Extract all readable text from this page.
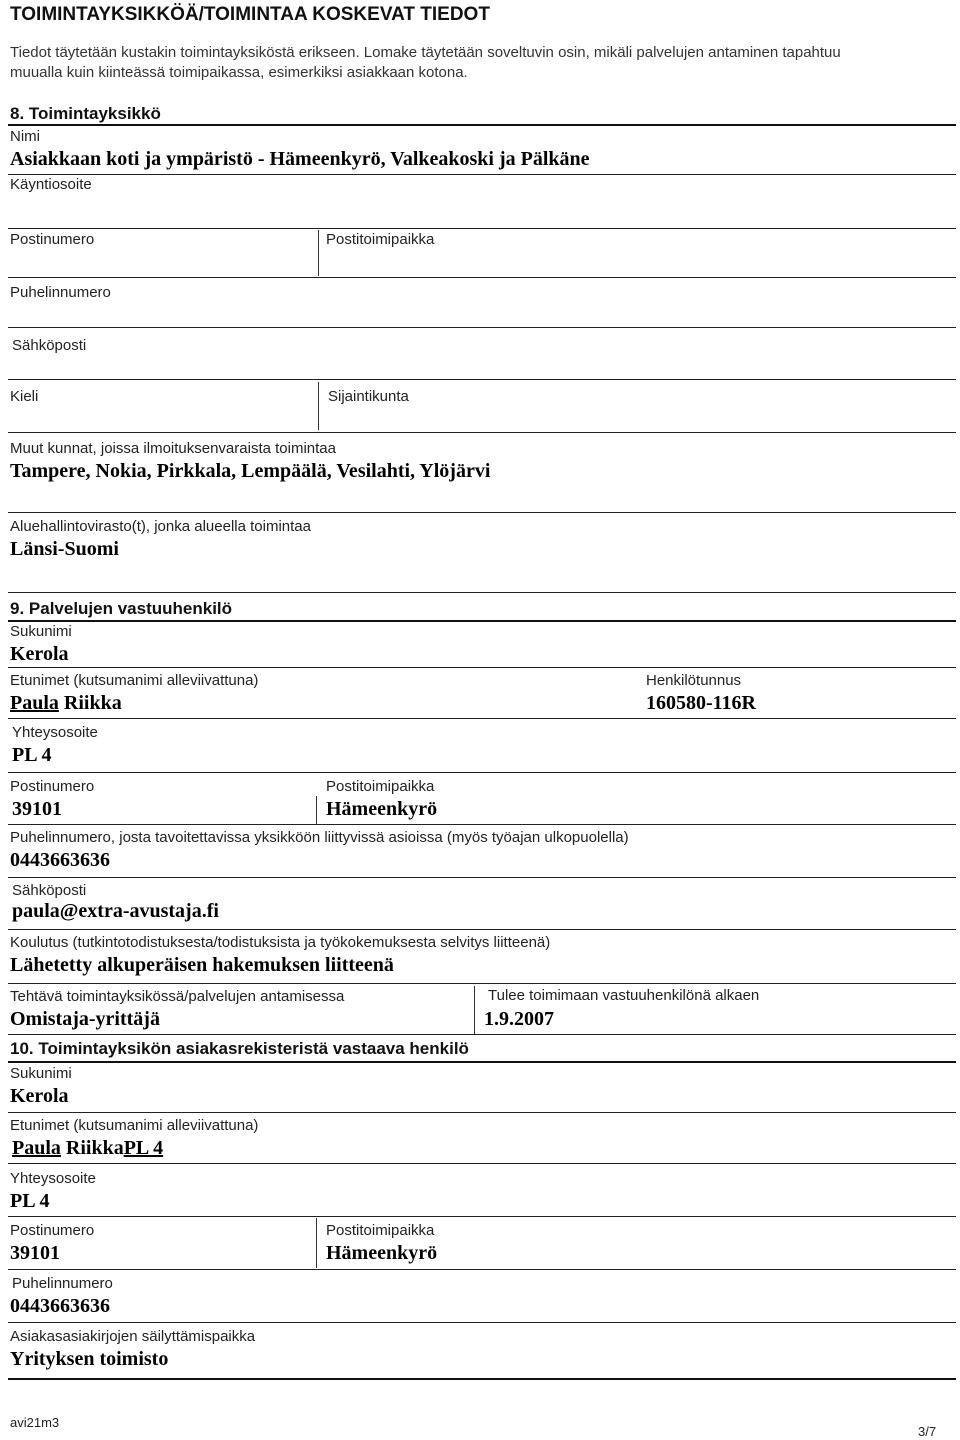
TOIMINTAYKSIKKÖÄ/TOIMINTAA KOSKEVAT TIEDOT
Tiedot täytetään kustakin toimintayksiköstä erikseen. Lomake täytetään soveltuvin osin, mikäli palvelujen antaminen tapahtuu
muualla kuin kiinteässä toimipaikassa, esimerkiksi asiakkaan kotona.
8. Toimintayksikkö
Nimi
Asiakkaan koti ja ympäristö - Hämeenkyrö, Valkeakoski ja Pälkäne
Käyntiosoite
Postinumero	Postitoimipaikka
Puhelinnumero
Sähköposti
Kieli	Sijaintikunta
Muut kunnat, joissa ilmoituksenvaraista toimintaa
Tampere, Nokia, Pirkkala, Lempäälä, Vesilahti, Ylöjärvi
Aluehallintovirasto(t), jonka alueella toimintaa
Länsi-Suomi
9. Palvelujen vastuuhenkilö
Sukunimi
Kerola
Etunimet (kutsumanimi alleviivattuna)
Paula Riikka
Henkilötunnus
160580-116R
Yhteysosoite
PL 4
Postinumero
39101
Postitoimipaikka
Hämeenkyrö
Puhelinnumero, josta tavoitettavissa yksikköön liittyvissä asioissa (myös työajan ulkopuolella)
0443663636
Sähköposti
paula@extra-avustaja.fi
Koulutus (tutkintotodistuksesta/todistuksista ja työkokemuksesta selvitys liitteenä)
Lähetetty alkuperäisen hakemuksen liitteenä
Tehtävä toimintayksikössä/palvelujen antamisessa
Omistaja-yrittäjä
Tulee toimimaan vastuuhenkilönä alkaen
1.9.2007
10. Toimintayksikön asiakasrekisteristä vastaava henkilö
Sukunimi
Kerola
Etunimet (kutsumanimi alleviivattuna)
Paula RiikkaPL 4
Yhteysosoite
PL 4
Postinumero
39101
Postitoimipaikka
Hämeenkyrö
Puhelinnumero
0443663636
Asiakasasiakirjojen säilyttämispaikka
Yrityksen toimisto
avi21m3
3/7
